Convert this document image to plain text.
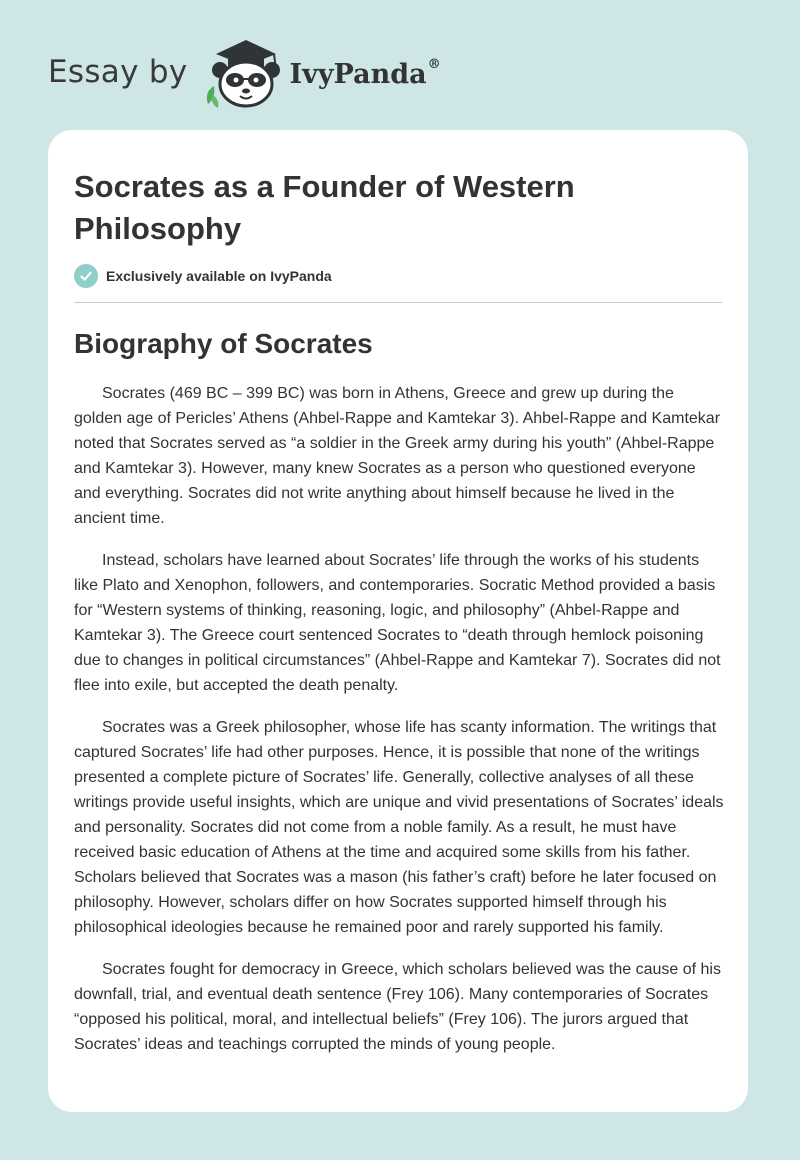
Essay by	IvyPanda®
Socrates as a Founder of Western Philosophy
Exclusively available on IvyPanda
Biography of Socrates

Socrates (469 BC – 399 BC) was born in Athens, Greece and grew up during the golden age of Pericles’ Athens (Ahbel-Rappe and Kamtekar 3). Ahbel-Rappe and Kamtekar noted that Socrates served as “a soldier in the Greek army during his youth” (Ahbel-Rappe and Kamtekar 3). However, many knew Socrates as a person who questioned everyone and everything. Socrates did not write anything about himself because he lived in the ancient time.

Instead, scholars have learned about Socrates’ life through the works of his students like Plato and Xenophon, followers, and contemporaries. Socratic Method provided a basis for “Western systems of thinking, reasoning, logic, and philosophy” (Ahbel-Rappe and Kamtekar 3). The Greece court sentenced Socrates to “death through hemlock poisoning due to changes in political circumstances” (Ahbel-Rappe and Kamtekar 7). Socrates did not flee into exile, but accepted the death penalty.

Socrates was a Greek philosopher, whose life has scanty information. The writings that captured Socrates’ life had other purposes. Hence, it is possible that none of the writings presented a complete picture of Socrates’ life. Generally, collective analyses of all these writings provide useful insights, which are unique and vivid presentations of Socrates’ ideals and personality. Socrates did not come from a noble family. As a result, he must have received basic education of Athens at the time and acquired some skills from his father. Scholars believed that Socrates was a mason (his father’s craft) before he later focused on philosophy. However, scholars differ on how Socrates supported himself through his philosophical ideologies because he remained poor and rarely supported his family.

Socrates fought for democracy in Greece, which scholars believed was the cause of his downfall, trial, and eventual death sentence (Frey 106). Many contemporaries of Socrates “opposed his political, moral, and intellectual beliefs” (Frey 106). The jurors argued that Socrates’ ideas and teachings corrupted the minds of young people.
